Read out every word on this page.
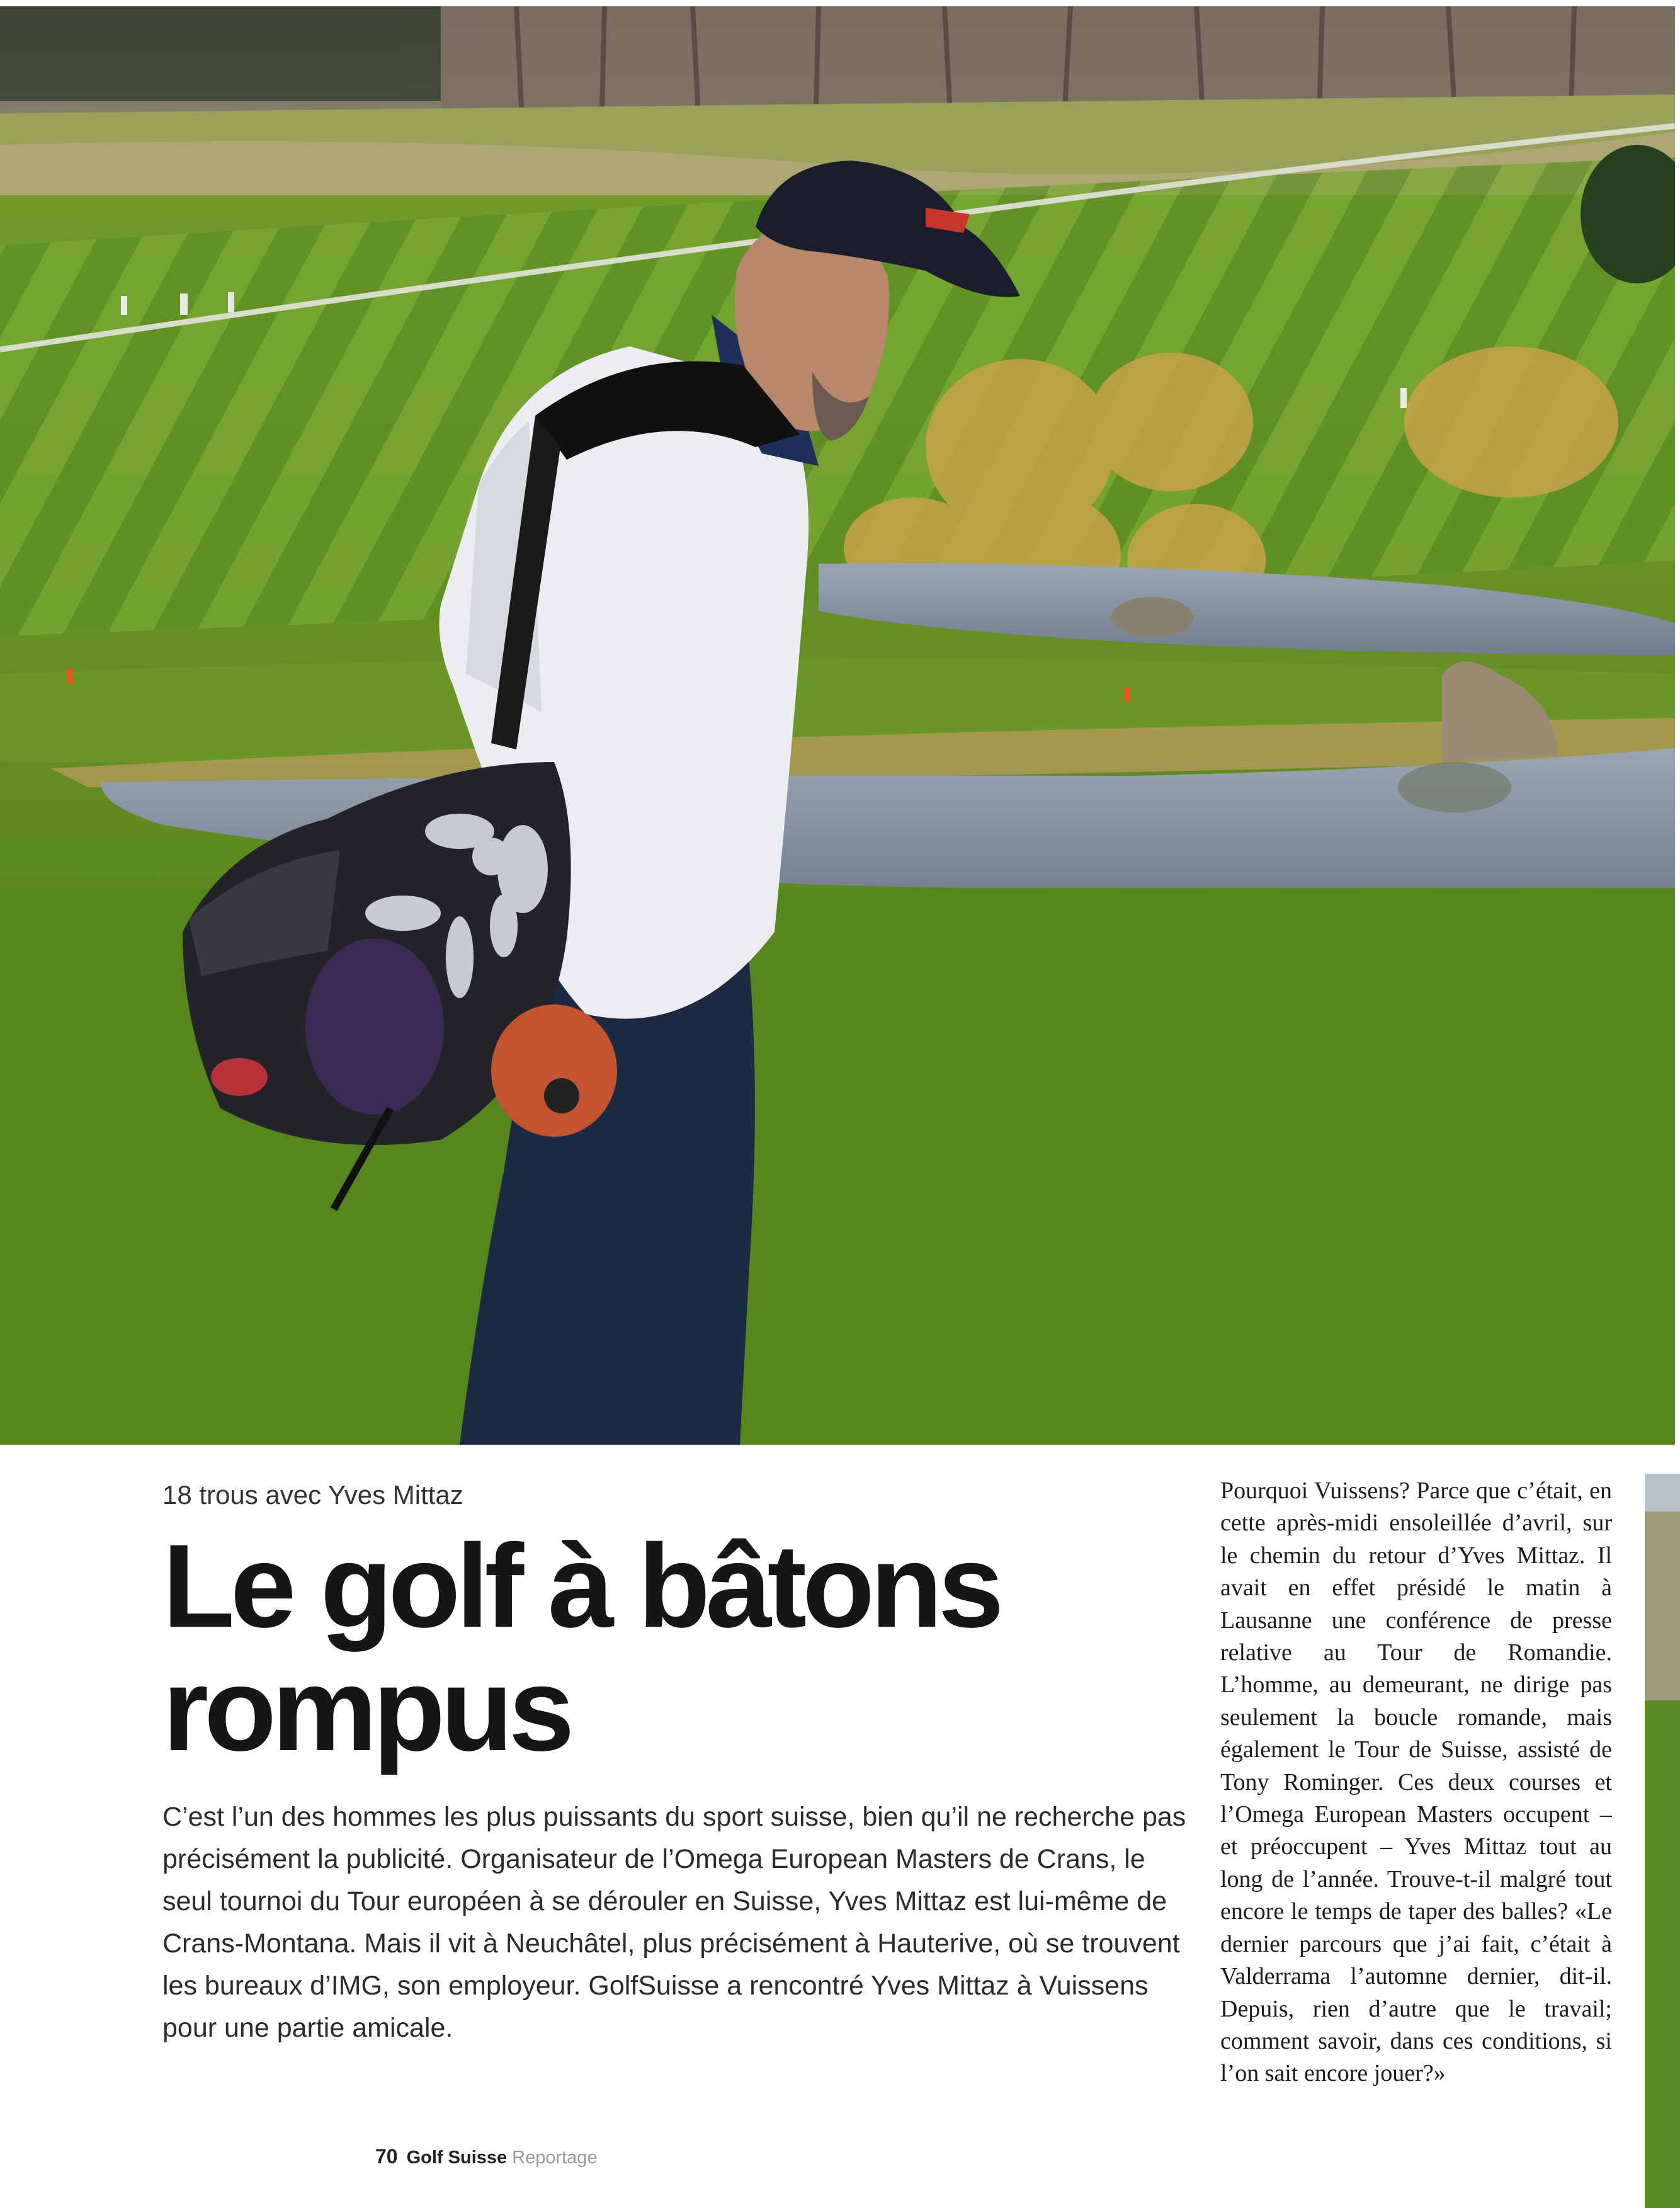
18 trous avec Yves Mittaz
Le golf à bâtons rompus

C’est l’un des hommes les plus puissants du sport suisse, bien qu’il ne recherche pas précisément la publicité. Organisateur de l’Omega European Masters de Crans, le seul tournoi du Tour européen à se dérouler en Suisse, Yves Mittaz est lui-même de Crans-Montana. Mais il vit à Neuchâtel, plus précisément à Hauterive, où se trouvent les bureaux d’IMG, son employeur. GolfSuisse a rencontré Yves Mittaz à Vuissens pour une partie amicale.

Pourquoi Vuissens? Parce que c’était, en cette après-midi ensoleillée d’avril, sur le chemin du retour d’Yves Mittaz. Il avait en effet présidé le matin à Lausanne une conférence de presse relative au Tour de Romandie. L’homme, au demeurant, ne dirige pas seulement la boucle romande, mais également le Tour de Suisse, assisté de Tony Rominger. Ces deux courses et l’Omega European Masters occupent – et préoccupent – Yves Mittaz tout au long de l’année. Trouve-t-il malgré tout encore le temps de taper des balles? «Le dernier parcours que j’ai fait, c’était à Valderrama l’automne dernier, dit-il. Depuis, rien d’autre que le travail; comment savoir, dans ces conditions, si l’on sait encore jouer?»

70 Golf Suisse Reportage
